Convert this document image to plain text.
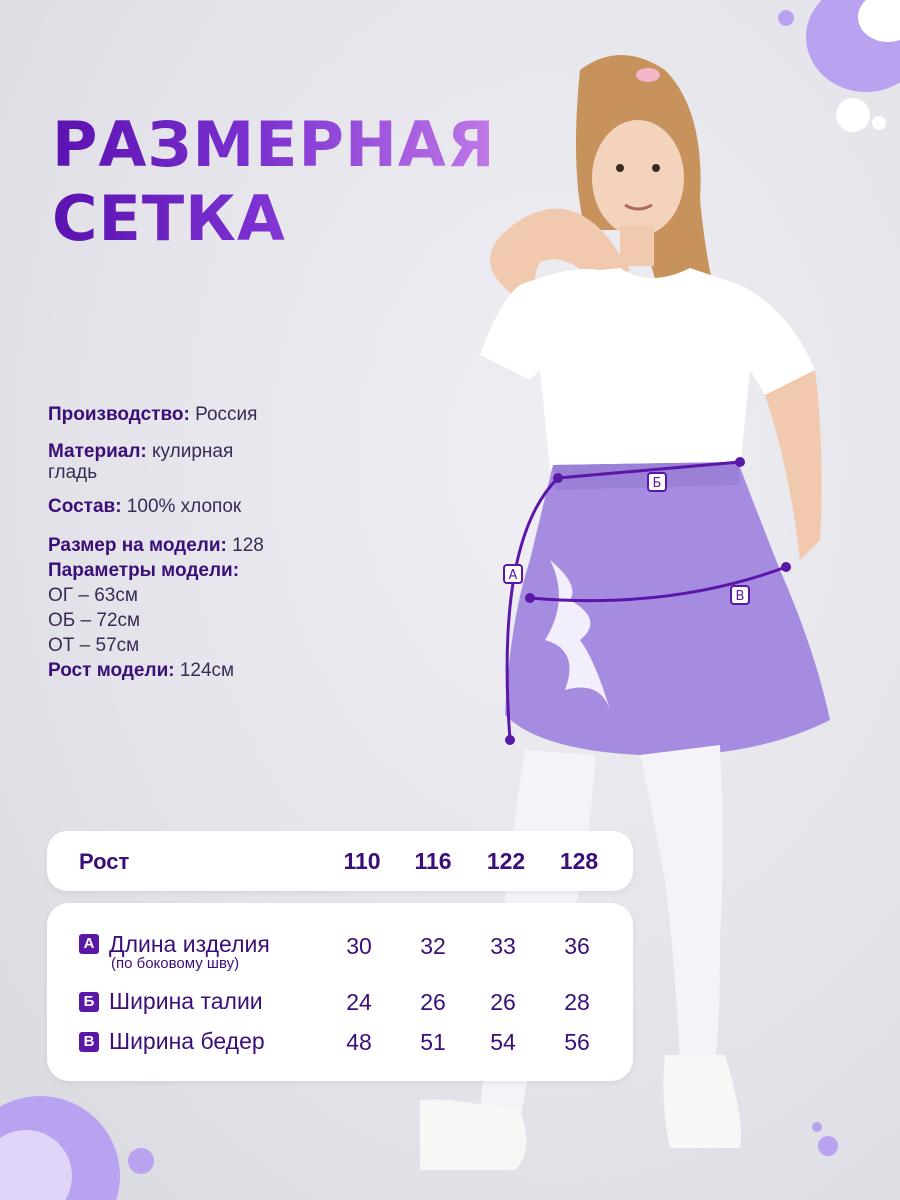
РАЗМЕРНАЯ
СЕТКА
Б
В
А
Производство: Россия
Материал: кулирная
гладь
Состав: 100% хлопок
Размер на модели: 128
Параметры модели:
ОГ – 63см
ОБ – 72см
ОТ – 57см
Рост модели: 124см
Рост	110	116	122	128
А Длина изделия
(по боковому шву)
30	32	33	36
Б Ширина талии	24	26	26	28
В Ширина бедер	48	51	54	56
